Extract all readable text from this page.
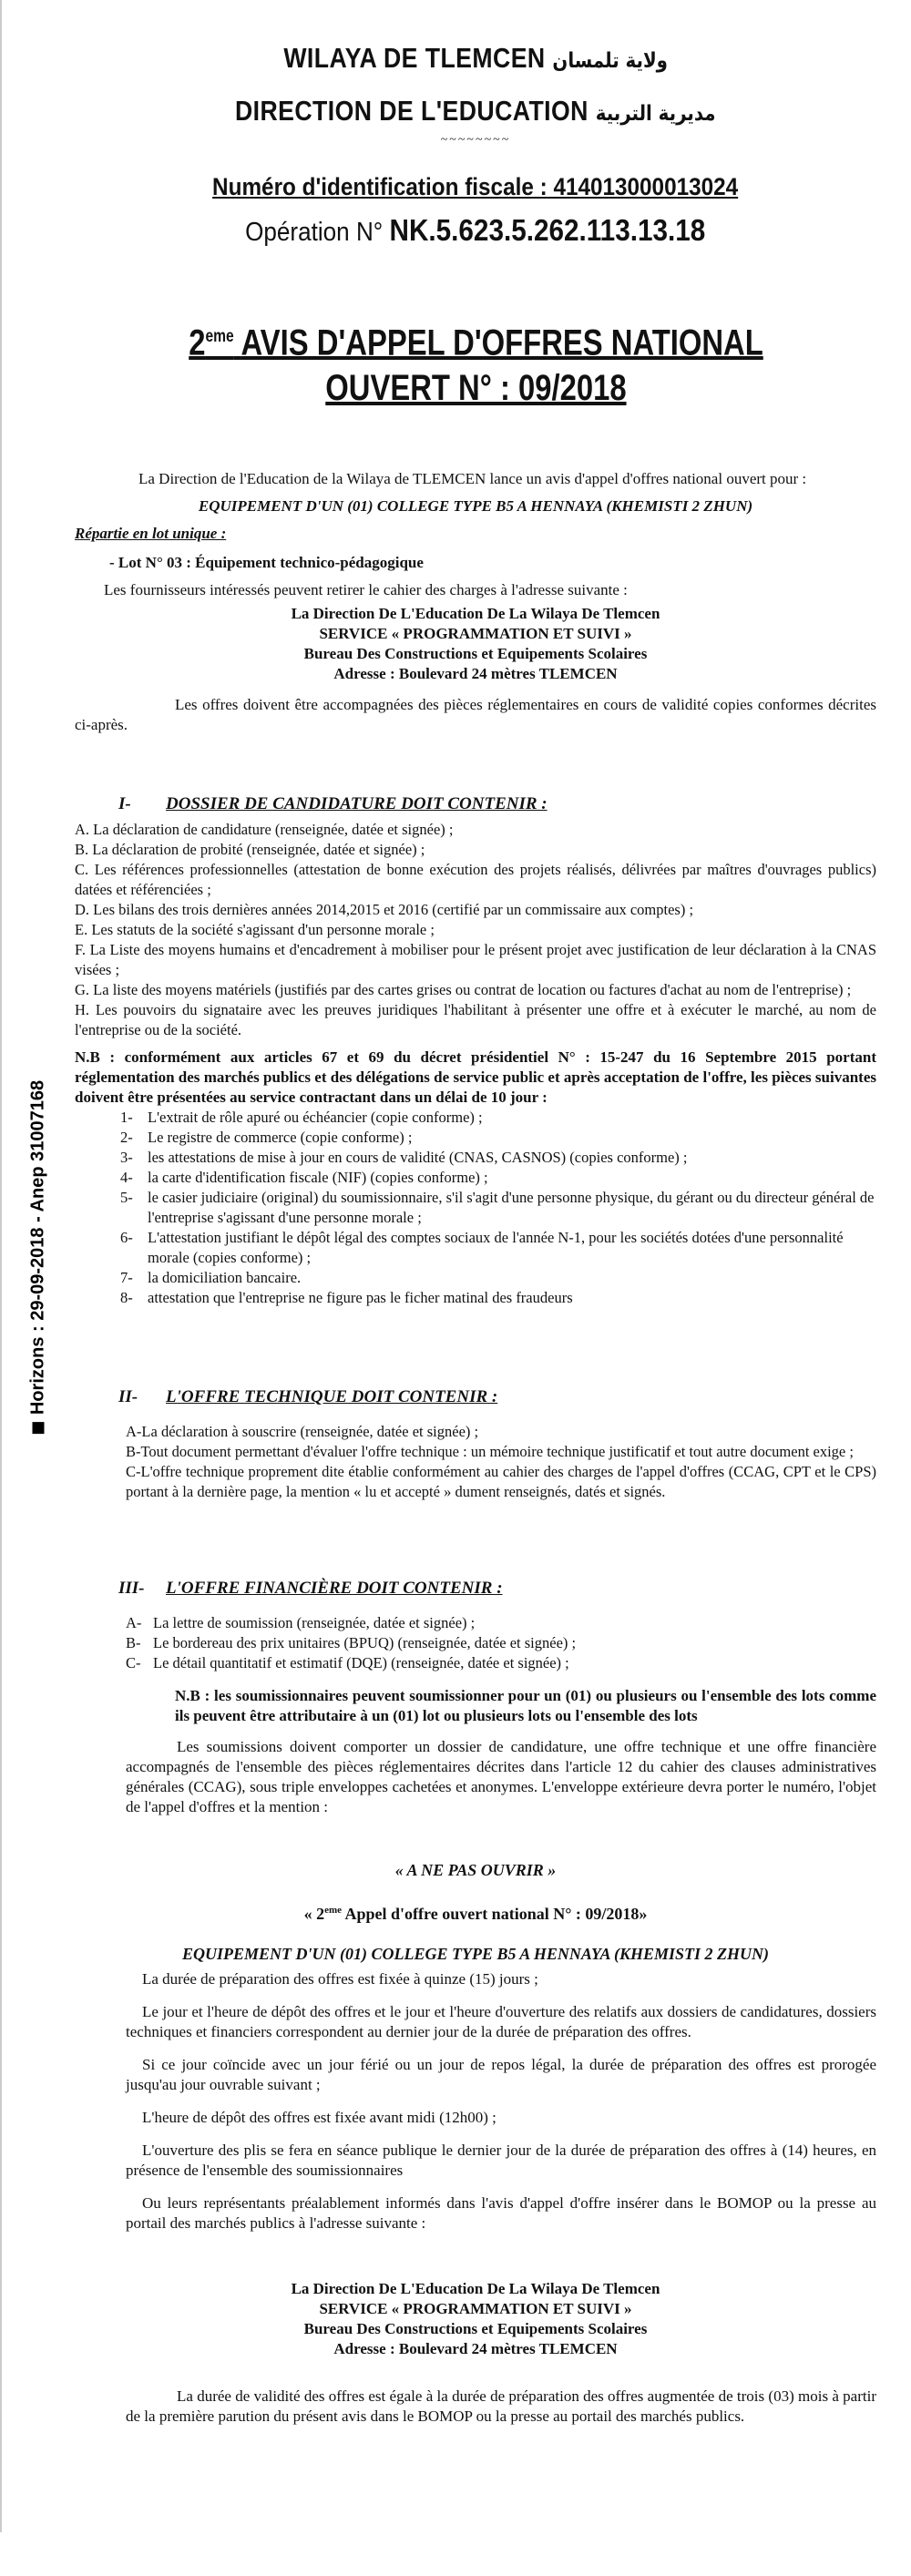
Horizons : 29-09-2018 - Anep 31007168
WILAYA DE TLEMCEN ولاية تلمسان
DIRECTION DE L'EDUCATION مديرية التربية
~~~~~~~~
Numéro d'identification fiscale : 414013000013024
Opération N° NK.5.623.5.262.113.13.18
2eme AVIS D'APPEL D'OFFRES NATIONAL
OUVERT N° : 09/2018

La Direction de l'Education de la Wilaya de TLEMCEN lance un avis d'appel d'offres national ouvert pour :

EQUIPEMENT D'UN (01) COLLEGE TYPE B5 A HENNAYA (KHEMISTI 2 ZHUN)

Répartie en lot unique :

- Lot N° 03 : Équipement technico-pédagogique

Les fournisseurs intéressés peuvent retirer le cahier des charges à l'adresse suivante :

La Direction De L'Education De La Wilaya De Tlemcen

SERVICE « PROGRAMMATION ET SUIVI »

Bureau Des Constructions et Equipements Scolaires

Adresse : Boulevard 24 mètres TLEMCEN

Les offres doivent être accompagnées des pièces réglementaires en cours de validité copies conformes décrites ci-après.

I- DOSSIER DE CANDIDATURE DOIT CONTENIR :
A. La déclaration de candidature (renseignée, datée et signée) ;
B. La déclaration de probité (renseignée, datée et signée) ;
C. Les références professionnelles (attestation de bonne exécution des projets réalisés, délivrées par maîtres d'ouvrages publics) datées et référenciées ;
D. Les bilans des trois dernières années 2014,2015 et 2016 (certifié par un commissaire aux comptes) ;
E. Les statuts de la société s'agissant d'un personne morale ;
F. La Liste des moyens humains et d'encadrement à mobiliser pour le présent projet avec justification de leur déclaration à la CNAS visées ;
G. La liste des moyens matériels (justifiés par des cartes grises ou contrat de location ou factures d'achat au nom de l'entreprise) ;
H. Les pouvoirs du signataire avec les preuves juridiques l'habilitant à présenter une offre et à exécuter le marché, au nom de l'entreprise ou de la société.

N.B : conformément aux articles 67 et 69 du décret présidentiel N° : 15-247 du 16 Septembre 2015 portant réglementation des marchés publics et des délégations de service public et après acceptation de l'offre, les pièces suivantes doivent être présentées au service contractant dans un délai de 10 jour :

1- L'extrait de rôle apuré ou échéancier (copie conforme) ;
2- Le registre de commerce (copie conforme) ;
3- les attestations de mise à jour en cours de validité (CNAS, CASNOS) (copies conforme) ;
4- la carte d'identification fiscale (NIF) (copies conforme) ;
5- le casier judiciaire (original) du soumissionnaire, s'il s'agit d'une personne physique, du gérant ou du directeur général de l'entreprise s'agissant d'une personne morale ;
6- L'attestation justifiant le dépôt légal des comptes sociaux de l'année N-1, pour les sociétés dotées d'une personnalité morale (copies conforme) ;
7- la domiciliation bancaire.
8- attestation que l'entreprise ne figure pas le ficher matinal des fraudeurs
II- L'OFFRE TECHNIQUE DOIT CONTENIR :
A-La déclaration à souscrire (renseignée, datée et signée) ;
B-Tout document permettant d'évaluer l'offre technique : un mémoire technique justificatif et tout autre document exige ;
C-L'offre technique proprement dite établie conformément au cahier des charges de l'appel d'offres (CCAG, CPT et le CPS) portant à la dernière page, la mention « lu et accepté » dument renseignés, datés et signés.
III- L'OFFRE FINANCIÈRE DOIT CONTENIR :
A- La lettre de soumission (renseignée, datée et signée) ;
B- Le bordereau des prix unitaires (BPUQ) (renseignée, datée et signée) ;
C- Le détail quantitatif et estimatif (DQE) (renseignée, datée et signée) ;

N.B : les soumissionnaires peuvent soumissionner pour un (01) ou plusieurs ou l'ensemble des lots comme ils peuvent être attributaire à un (01) lot ou plusieurs lots ou l'ensemble des lots

Les soumissions doivent comporter un dossier de candidature, une offre technique et une offre financière accompagnés de l'ensemble des pièces réglementaires décrites dans l'article 12 du cahier des clauses administratives générales (CCAG), sous triple enveloppes cachetées et anonymes. L'enveloppe extérieure devra porter le numéro, l'objet de l'appel d'offres et la mention :

« A NE PAS OUVRIR »

« 2eme Appel d'offre ouvert national N° : 09/2018»

EQUIPEMENT D'UN (01) COLLEGE TYPE B5 A HENNAYA (KHEMISTI 2 ZHUN)

La durée de préparation des offres est fixée à quinze (15) jours ;

Le jour et l'heure de dépôt des offres et le jour et l'heure d'ouverture des relatifs aux dossiers de candidatures, dossiers techniques et financiers correspondent au dernier jour de la durée de préparation des offres.

Si ce jour coïncide avec un jour férié ou un jour de repos légal, la durée de préparation des offres est prorogée jusqu'au jour ouvrable suivant ;

L'heure de dépôt des offres est fixée avant midi (12h00) ;

L'ouverture des plis se fera en séance publique le dernier jour de la durée de préparation des offres à (14) heures, en présence de l'ensemble des soumissionnaires

Ou leurs représentants préalablement informés dans l'avis d'appel d'offre insérer dans le BOMOP ou la presse au portail des marchés publics à l'adresse suivante :

La Direction De L'Education De La Wilaya De Tlemcen

SERVICE « PROGRAMMATION ET SUIVI »

Bureau Des Constructions et Equipements Scolaires

Adresse : Boulevard 24 mètres TLEMCEN

La durée de validité des offres est égale à la durée de préparation des offres augmentée de trois (03) mois à partir de la première parution du présent avis dans le BOMOP ou la presse au portail des marchés publics.
